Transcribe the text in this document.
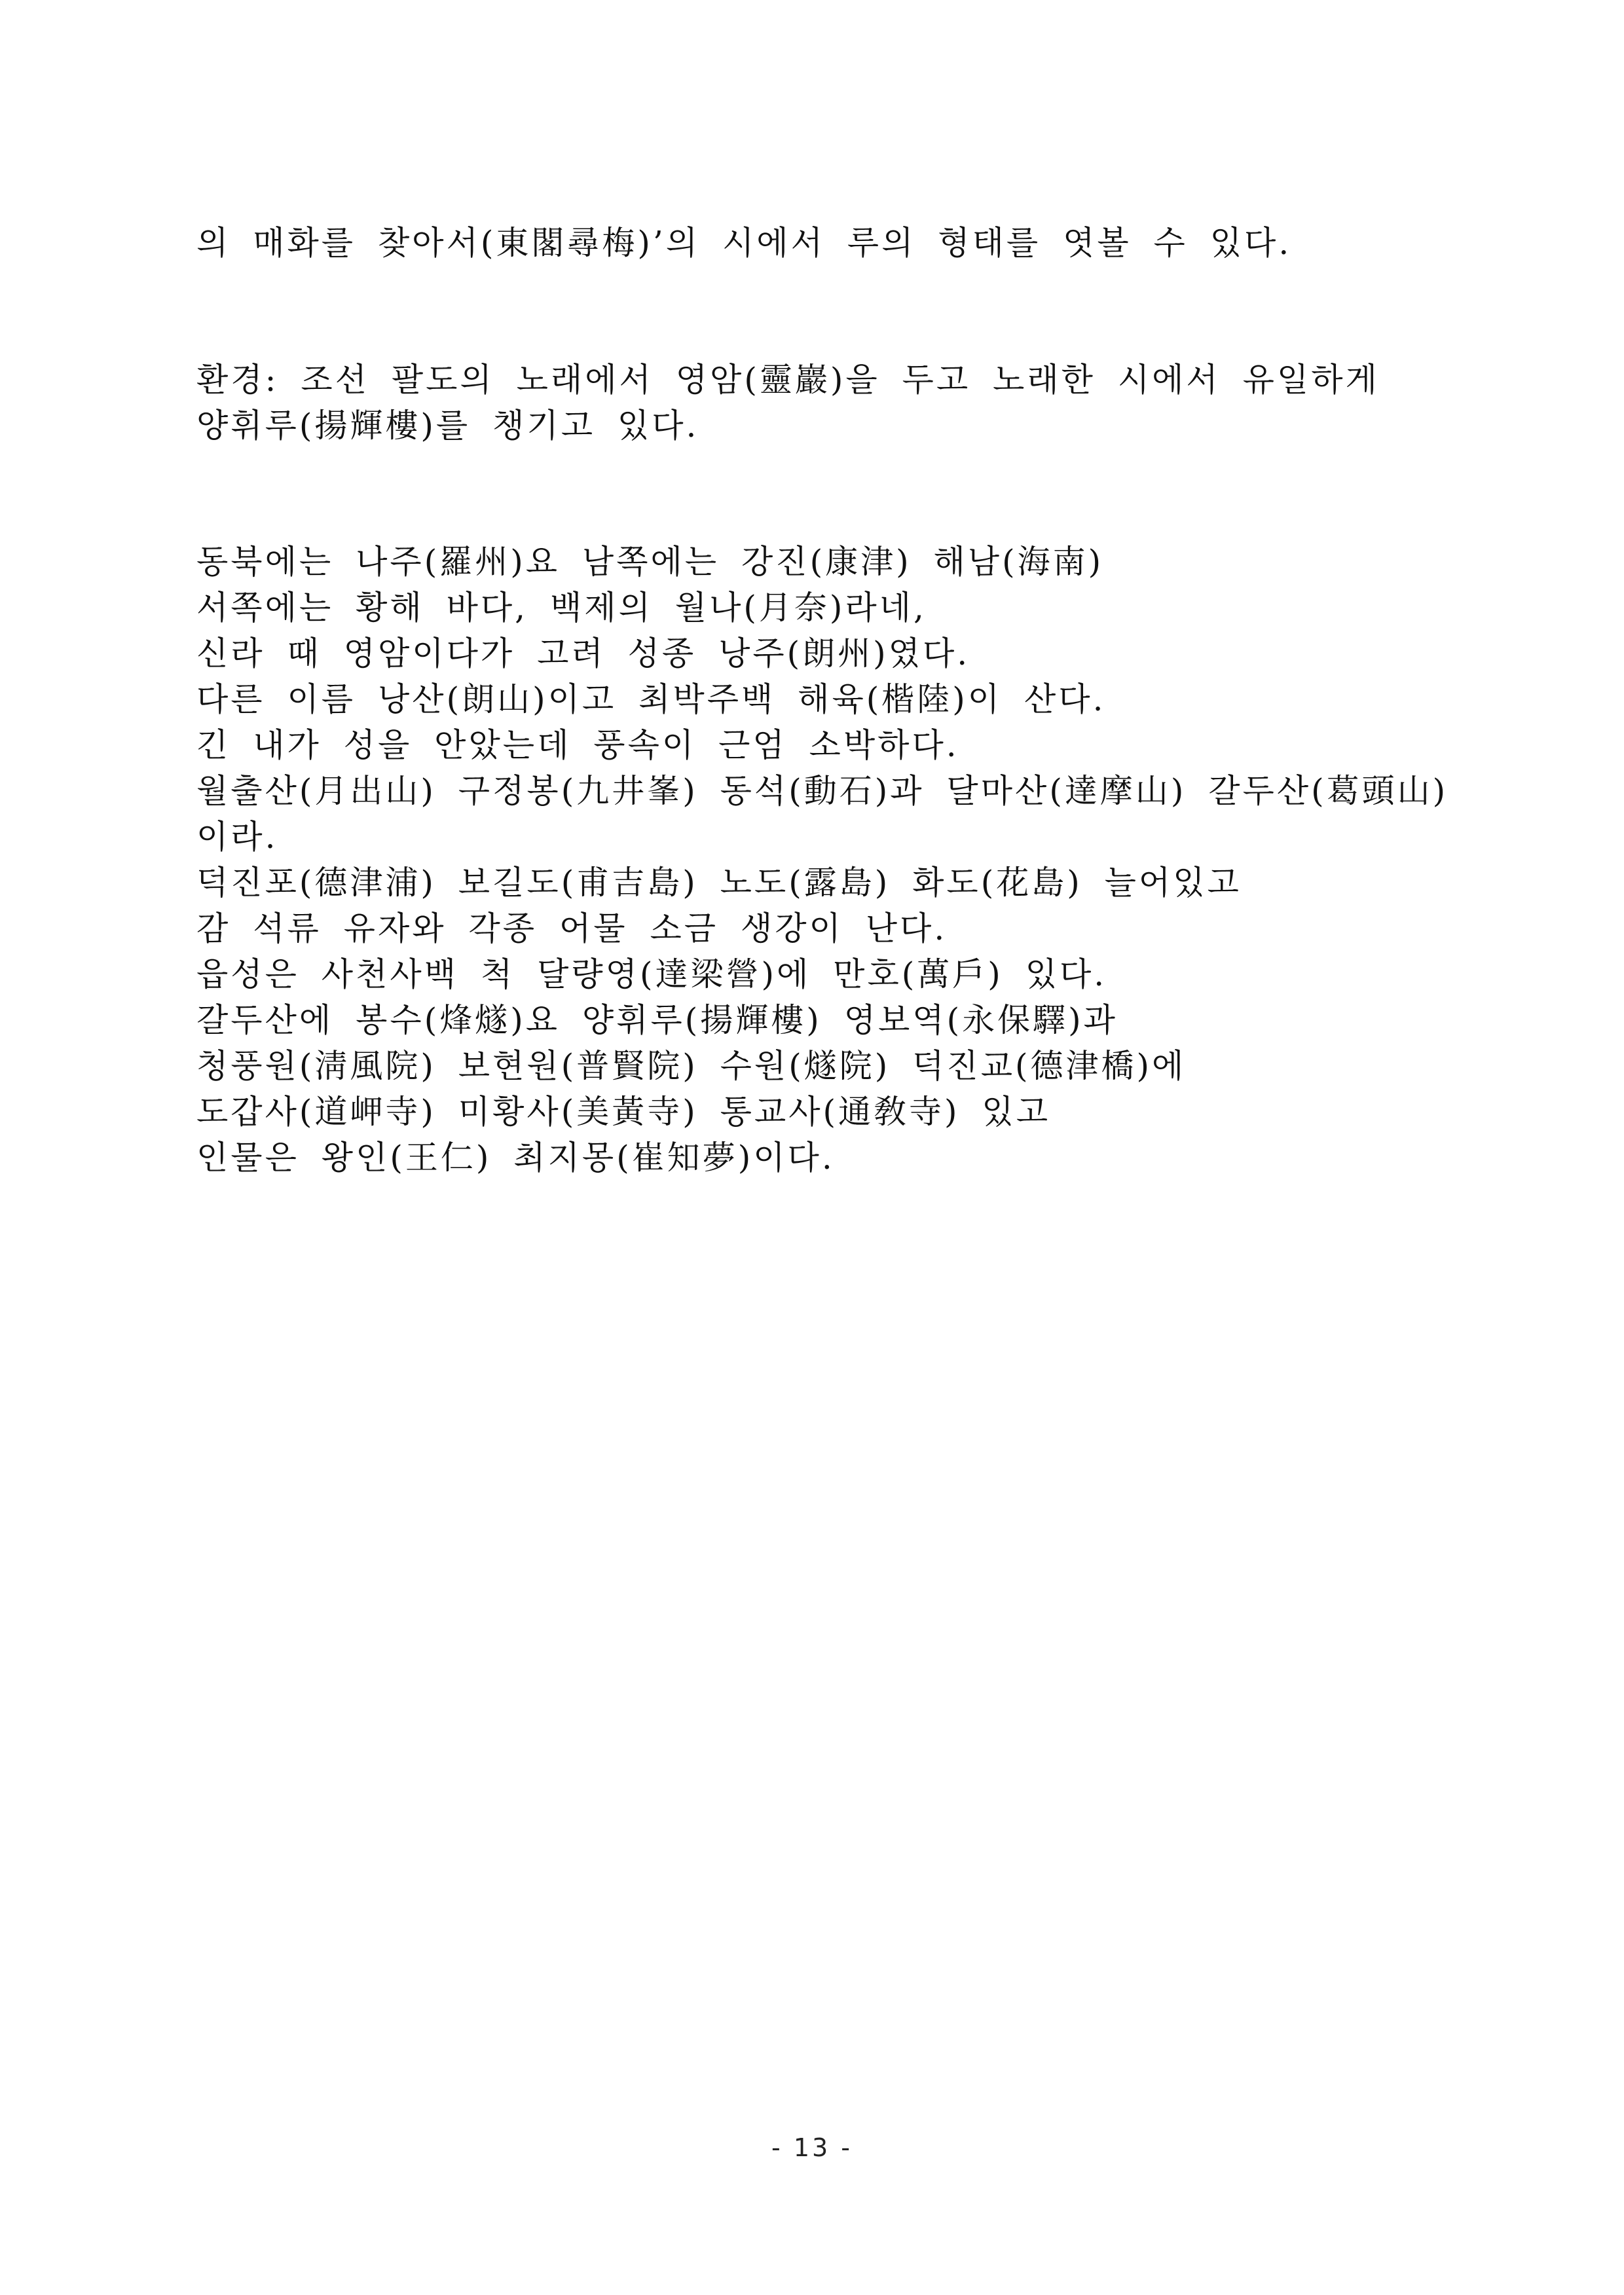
의 매화를 찾아서(東閣尋梅)’의 시에서 루의 형태를 엿볼 수 있다.
환경: 조선 팔도의 노래에서 영암(靈巖)을 두고 노래한 시에서 유일하게
양휘루(揚輝樓)를 챙기고 있다.
동북에는 나주(羅州)요 남쪽에는 강진(康津) 해남(海南)
서쪽에는 황해 바다, 백제의 월나(月奈)라네,
신라 때 영암이다가 고려 성종 낭주(朗州)였다.
다른 이름 낭산(朗山)이고 최박주백 해육(楷陸)이 산다.
긴 내가 성을 안았는데 풍속이 근엄 소박하다.
월출산(月出山) 구정봉(九井峯) 동석(動石)과 달마산(達摩山) 갈두산(葛頭山)
이라.
덕진포(德津浦) 보길도(甫吉島) 노도(露島) 화도(花島) 늘어있고
감 석류 유자와 각종 어물 소금 생강이 난다.
읍성은 사천사백 척 달량영(達梁營)에 만호(萬戶) 있다.
갈두산에 봉수(烽燧)요 양휘루(揚輝樓) 영보역(永保驛)과
청풍원(淸風院) 보현원(普賢院) 수원(燧院) 덕진교(德津橋)에
도갑사(道岬寺) 미황사(美黃寺) 통교사(通敎寺) 있고
인물은 왕인(王仁) 최지몽(崔知夢)이다.
- 13 -
